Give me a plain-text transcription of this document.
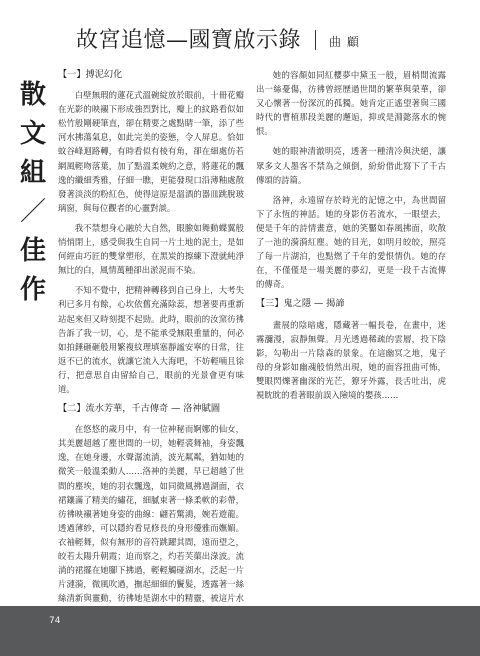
故宮追憶—國寶啟示錄 曲 顧
散
文
組
／
佳
作

【一】搏泥幻化

白壁無瑕的蓮花式溫碗綻放於眼前，十冊花瓣在光影的映襯下形成強烈對比，瓣上的紋路看似如松竹般剛硬筆直，卻在精要之處點睛一筆，添了些河水拂蕩氣息，如此完美的姿態，令人屏息。恰如蚊谷峰迴路轉，有時看似有棱有角，卻在細處仿若網風輕吻落葉，加了點溫柔婉約之意，將蓮花的飄逸的纖細秀雅，仔細一瞧，更能發現口沿薄釉處散發著淡淡的粉紅色，使得這原是溫酒的器皿跳脫玻璃窗，與每位觀者的心靈對談。

我不禁想身心融於大自然，眼臉如舞動蝶翼般悄悄閉上，感受與我生自同一片土地的泥土，是如何經由巧匠的雙掌塑形，在黑炭的擦練下澄就純淨無比的白，風情萬種卻出淤泥而不染。

不知不覺中，把精神轉移到自己身上，大考失利已多月有餘，心坎依舊充滿除蕊，想著要再重新站起來但又時刻提不起勁。此時，眼前的汝窯彷彿告訴了我一切，心，是不能承受無限重量的，何必如拍錘砸砸般用繁複紋理填塞靜謐安寧的日常，往返不已的流水，就讓它流入大海吧，不妨輕喃且徐行，把意思自由留給自己，眼前的光景會更有味道。

【二】流水芳華，千古傳奇 — 洛神賦圖

在悠悠的歲月中，有一位神秘而婀娜的仙女，其美麗超越了塵世間的一切，她輕裘舞袖，身姿飄逸，在她身邊，水聲潺流淌，波光粼粼，猶如她的微笑一般溫柔動人……洛神的美麗，早已超越了世間的塵埃，她的羽衣飄逸，如同微風拂過湖面，衣裙鑲滿了精美的繡花，細膩束著一條柔軟的彩帶，彷彿映襯著她身姿的曲線：翩若驚鴻，婉若遊龍。透過薄紗，可以隱約看見修長的身形優雅而嫵媚。衣袖輕舞，似有無形的音符跳躍其間，遠而望之，皎若太陽升朝霞；迫而察之，灼若芙蕖出淥波。流淌的裙擺在她腳下拂過，輕輕觸碰湖水，泛起一片片漣漪，微風吹過，撫起細細的鬢髮，透露著一絲絲清新與靈動，彷彿她是湖水中的精靈，被這片水

她的容顏如同紅櫻夢中黛玉一般，眉梢間流露出一絲憂傷，彷彿曾經歷過世間的繁華與榮華，卻又心懷著一份深沉的孤獨。她肯定正遙望著與三國時代的曹植那段美麗的邂逅，抑或是淵懿落水的惋恨。

她的眼神清澈明亮，透著一種清冷與決絕，讓眾多文人墨客不禁為之傾倒，紛紛借此寫下了千古傳頌的詩篇。

洛神，永遠留存於時光的記憶之中，為世間留下了永恆的神話。她的身影仿若流水，一眼望去，便是千年的詩情畫意，她的笑靨如春風拂面，吹散了一池的漪漪紅塵。她的目光，如明月皎皎，照亮了每一片湖泊，也點燃了千年的愛恨情仇。她的存在，不僅僅是一場美麗的夢幻，更是一段千古流傳的傳奇。

【三】鬼之隱 — 揭諦

畫展的陰暗處，隱藏著一幅長卷，在畫中，迷霧瀰漫，寂靜無聲。月光透過稀疏的雲層，投下陰影，勾勒出一片陰森的景象。在這幽冥之地，鬼子母的身影如幽魂般悄然出現，她的面容扭曲可怖，雙眼閃爍著幽深的光芒，獠牙外露，長舌吐出，虎視眈眈的看著眼前誤入險境的嬰孩……

74
